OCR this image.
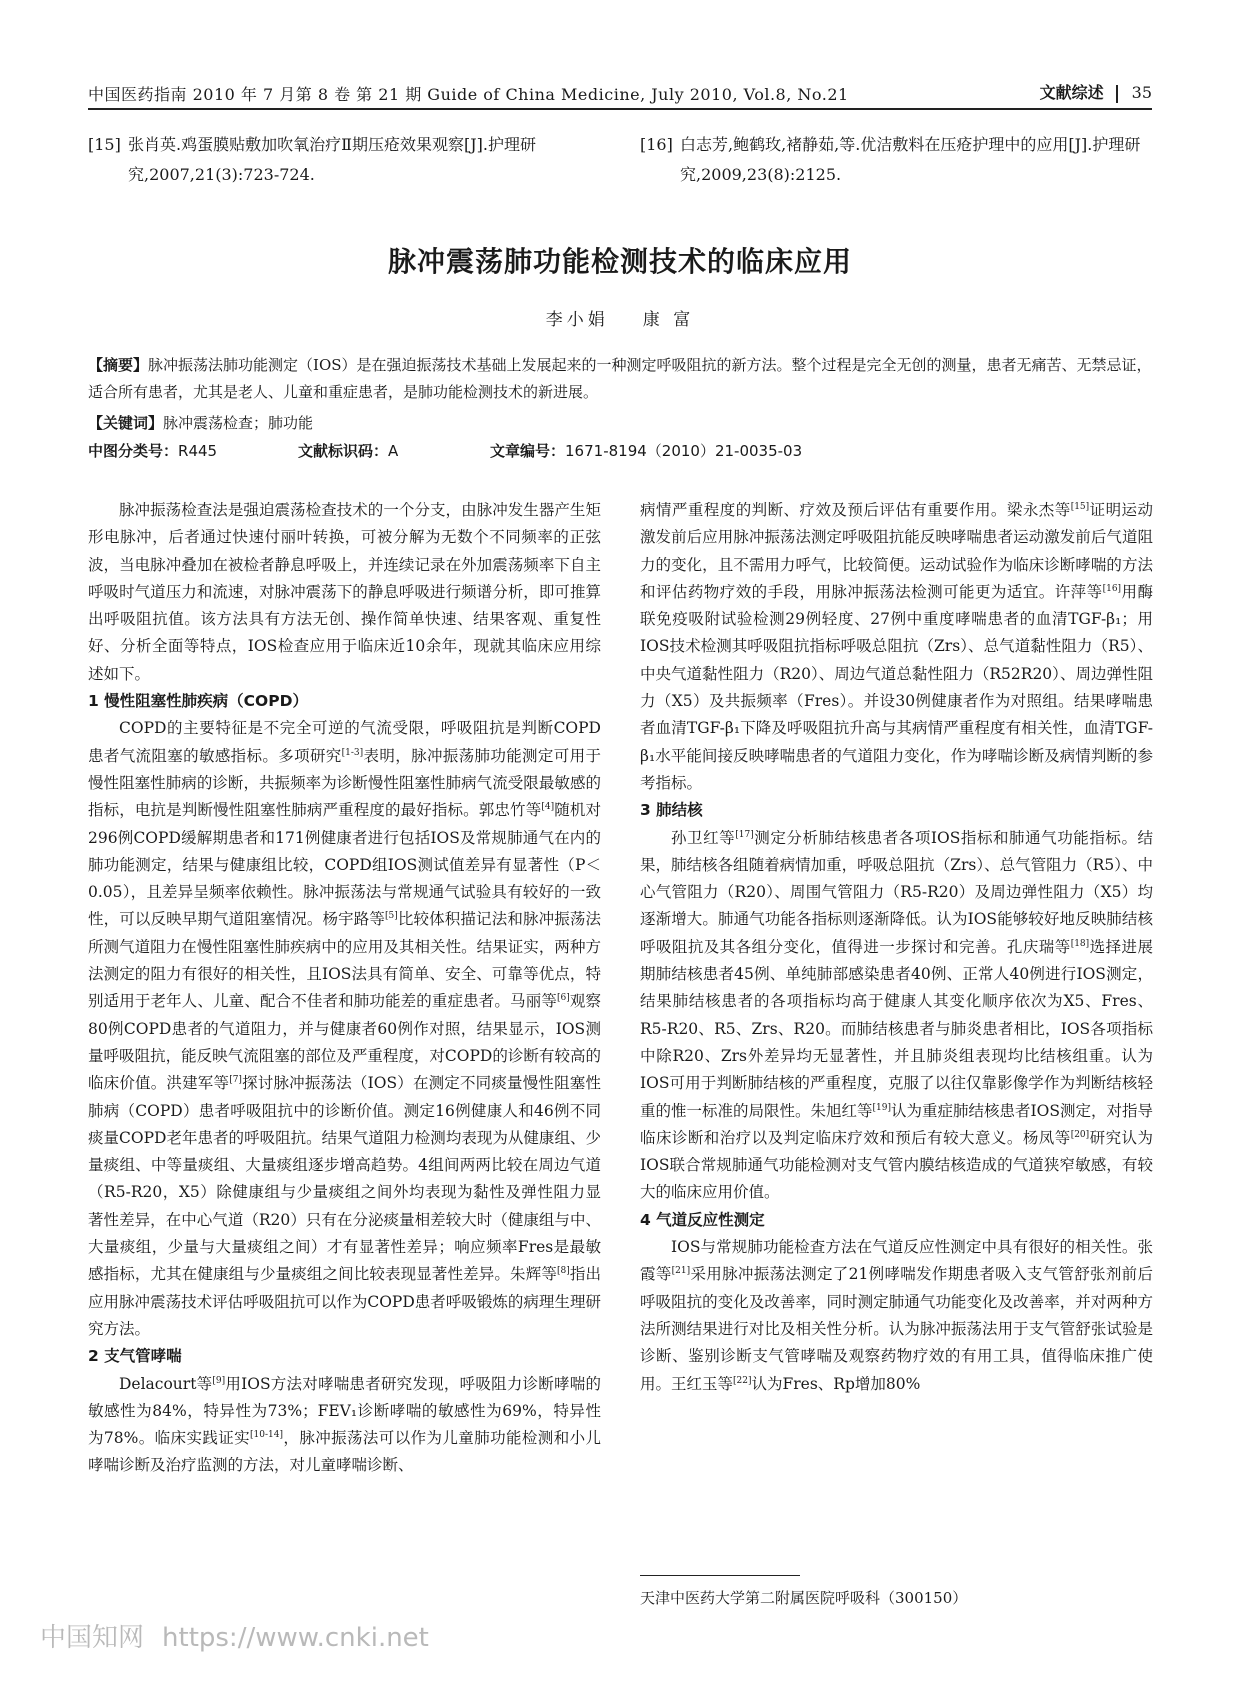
中国医药指南 2010 年 7 月第 8 卷 第 21 期 Guide of China Medicine, July 2010, Vol.8, No.21	文献综述 35
[15] 张肖英.鸡蛋膜贴敷加吹氧治疗Ⅱ期压疮效果观察[J].护理研究,2007,21(3):723-724.
[16] 白志芳,鲍鹤玫,褚静茹,等.优洁敷料在压疮护理中的应用[J].护理研究,2009,23(8):2125.
脉冲震荡肺功能检测技术的临床应用
李小娟 康 富
【摘要】脉冲振荡法肺功能测定（IOS）是在强迫振荡技术基础上发展起来的一种测定呼吸阻抗的新方法。整个过程是完全无创的测量，患者无痛苦、无禁忌证，适合所有患者，尤其是老人、儿童和重症患者，是肺功能检测技术的新进展。
【关键词】脉冲震荡检查；肺功能
中图分类号：R445	文献标识码：A	文章编号：1671-8194（2010）21-0035-03

脉冲振荡检查法是强迫震荡检查技术的一个分支，由脉冲发生器产生矩形电脉冲，后者通过快速付丽叶转换，可被分解为无数个不同频率的正弦波，当电脉冲叠加在被检者静息呼吸上，并连续记录在外加震荡频率下自主呼吸时气道压力和流速，对脉冲震荡下的静息呼吸进行频谱分析，即可推算出呼吸阻抗值。该方法具有方法无创、操作简单快速、结果客观、重复性好、分析全面等特点，IOS检查应用于临床近10余年，现就其临床应用综述如下。

1 慢性阻塞性肺疾病（COPD）

COPD的主要特征是不完全可逆的气流受限，呼吸阻抗是判断COPD患者气流阻塞的敏感指标。多项研究[1-3]表明，脉冲振荡肺功能测定可用于慢性阻塞性肺病的诊断，共振频率为诊断慢性阻塞性肺病气流受限最敏感的指标，电抗是判断慢性阻塞性肺病严重程度的最好指标。郭忠竹等[4]随机对296例COPD缓解期患者和171例健康者进行包括IOS及常规肺通气在内的肺功能测定，结果与健康组比较，COPD组IOS测试值差异有显著性（P＜0.05），且差异呈频率依赖性。脉冲振荡法与常规通气试验具有较好的一致性，可以反映早期气道阻塞情况。杨宇路等[5]比较体积描记法和脉冲振荡法所测气道阻力在慢性阻塞性肺疾病中的应用及其相关性。结果证实，两种方法测定的阻力有很好的相关性，且IOS法具有简单、安全、可靠等优点，特别适用于老年人、儿童、配合不佳者和肺功能差的重症患者。马丽等[6]观察80例COPD患者的气道阻力，并与健康者60例作对照，结果显示，IOS测量呼吸阻抗，能反映气流阻塞的部位及严重程度，对COPD的诊断有较高的临床价值。洪建军等[7]探讨脉冲振荡法（IOS）在测定不同痰量慢性阻塞性肺病（COPD）患者呼吸阻抗中的诊断价值。测定16例健康人和46例不同痰量COPD老年患者的呼吸阻抗。结果气道阻力检测均表现为从健康组、少量痰组、中等量痰组、大量痰组逐步增高趋势。4组间两两比较在周边气道（R5-R20，X5）除健康组与少量痰组之间外均表现为黏性及弹性阻力显著性差异，在中心气道（R20）只有在分泌痰量相差较大时（健康组与中、大量痰组，少量与大量痰组之间）才有显著性差异；响应频率Fres是最敏感指标，尤其在健康组与少量痰组之间比较表现显著性差异。朱辉等[8]指出应用脉冲震荡技术评估呼吸阻抗可以作为COPD患者呼吸锻炼的病理生理研究方法。

2 支气管哮喘

Delacourt等[9]用IOS方法对哮喘患者研究发现，呼吸阻力诊断哮喘的敏感性为84%，特异性为73%；FEV₁诊断哮喘的敏感性为69%，特异性为78%。临床实践证实[10-14]，脉冲振荡法可以作为儿童肺功能检测和小儿哮喘诊断及治疗监测的方法，对儿童哮喘诊断、

病情严重程度的判断、疗效及预后评估有重要作用。梁永杰等[15]证明运动激发前后应用脉冲振荡法测定呼吸阻抗能反映哮喘患者运动激发前后气道阻力的变化，且不需用力呼气，比较简便。运动试验作为临床诊断哮喘的方法和评估药物疗效的手段，用脉冲振荡法检测可能更为适宜。许萍等[16]用酶联免疫吸附试验检测29例轻度、27例中重度哮喘患者的血清TGF-β₁；用IOS技术检测其呼吸阻抗指标呼吸总阻抗（Zrs）、总气道黏性阻力（R5）、中央气道黏性阻力（R20）、周边气道总黏性阻力（R52R20）、周边弹性阻力（X5）及共振频率（Fres）。并设30例健康者作为对照组。结果哮喘患者血清TGF-β₁下降及呼吸阻抗升高与其病情严重程度有相关性，血清TGF-β₁水平能间接反映哮喘患者的气道阻力变化，作为哮喘诊断及病情判断的参考指标。

3 肺结核

孙卫红等[17]测定分析肺结核患者各项IOS指标和肺通气功能指标。结果，肺结核各组随着病情加重，呼吸总阻抗（Zrs）、总气管阻力（R5）、中心气管阻力（R20）、周围气管阻力（R5-R20）及周边弹性阻力（X5）均逐渐增大。肺通气功能各指标则逐渐降低。认为IOS能够较好地反映肺结核呼吸阻抗及其各组分变化，值得进一步探讨和完善。孔庆瑞等[18]选择进展期肺结核患者45例、单纯肺部感染患者40例、正常人40例进行IOS测定，结果肺结核患者的各项指标均高于健康人其变化顺序依次为X5、Fres、R5-R20、R5、Zrs、R20。而肺结核患者与肺炎患者相比，IOS各项指标中除R20、Zrs外差异均无显著性，并且肺炎组表现均比结核组重。认为IOS可用于判断肺结核的严重程度，克服了以往仅靠影像学作为判断结核轻重的惟一标准的局限性。朱旭红等[19]认为重症肺结核患者IOS测定，对指导临床诊断和治疗以及判定临床疗效和预后有较大意义。杨凤等[20]研究认为IOS联合常规肺通气功能检测对支气管内膜结核造成的气道狭窄敏感，有较大的临床应用价值。

4 气道反应性测定

IOS与常规肺功能检查方法在气道反应性测定中具有很好的相关性。张霞等[21]采用脉冲振荡法测定了21例哮喘发作期患者吸入支气管舒张剂前后呼吸阻抗的变化及改善率，同时测定肺通气功能变化及改善率，并对两种方法所测结果进行对比及相关性分析。认为脉冲振荡法用于支气管舒张试验是诊断、鉴别诊断支气管哮喘及观察药物疗效的有用工具，值得临床推广使用。王红玉等[22]认为Fres、Rp增加80%

天津中医药大学第二附属医院呼吸科（300150）
中国知网 https://www.cnki.net
